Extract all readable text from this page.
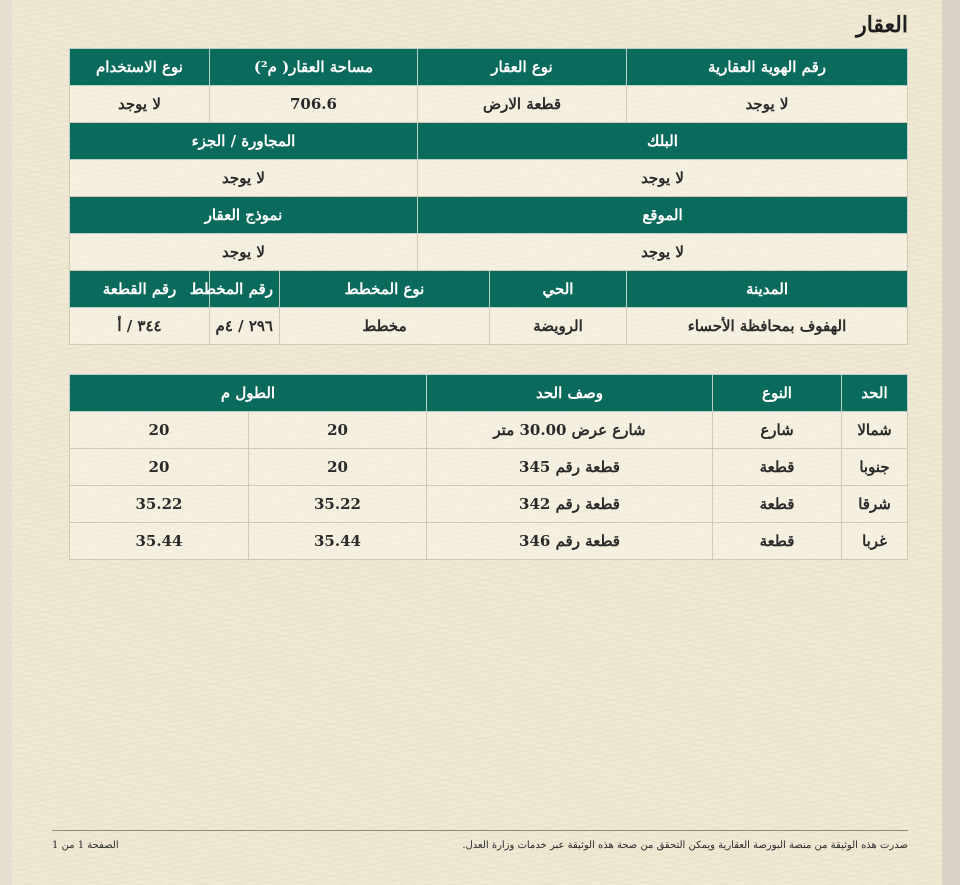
العقار
رقم الهوية العقارية	نوع العقار		مساحة العقار( م²)		نوع الاستخدام
لا يوجد	قطعة الارض		706.6		لا يوجد
البلك			المجاورة / الجزء		
لا يوجد			لا يوجد		
الموقع			نموذج العقار		
لا يوجد			لا يوجد		
المدينة	الحي	نوع المخطط		رقم المخطط	رقم القطعة
الهفوف بمحافظة الأحساء	الرويضة	مخطط		٢٩٦ / ٤م	٣٤٤ / أ
الحد	النوع	وصف الحد	الطول م	
شمالا	شارع	شارع عرض 30.00 متر	20	20
جنوبا	قطعة	قطعة رقم 345	20	20
شرقا	قطعة	قطعة رقم 342	35.22	35.22
غربا	قطعة	قطعة رقم 346	35.44	35.44
صدرت هذه الوثيقة من منصة البورصة العقارية ويمكن التحقق من صحة هذه الوثيقة عبر خدمات وزارة العدل.
الصفحة 1 من 1
